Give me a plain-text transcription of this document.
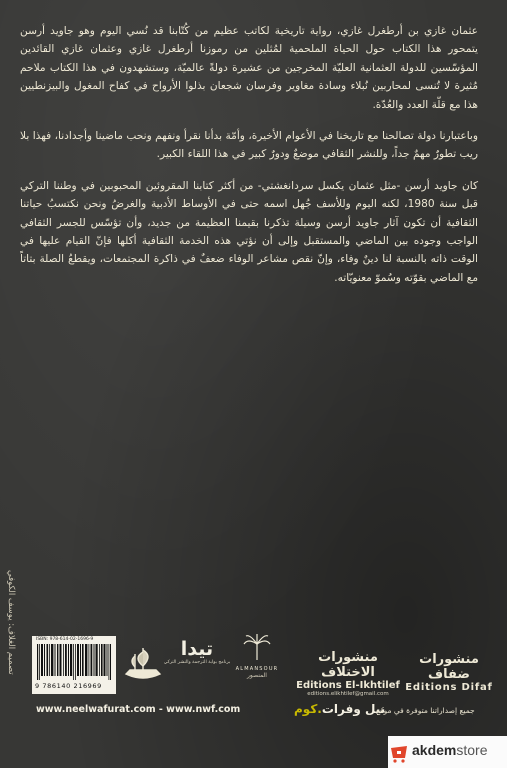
عثمان غازي بن أرطغرل غازي، رواية تاريخية لكاتب عظيم من كُتّابنا قد نُسي اليوم وهو جاويد أرسن يتمحور هذا الكتاب حول الحياة الملحمية لمُثلين من رموزنا أرطغرل غازي وعثمان غازي القائدين المؤسّسين للدولة العثمانية العليّة المخرجين من عشيرة دولةً عالميّة، وستشهدون في هذا الكتاب ملاحم مُثيرة لا تُنسى لمحاربين نُبلاء وسادة مغاوير وفرسان شجعان بذلوا الأرواح في كفاح المغول والبيزنطيين هذا مع قلّة العدد والعُدّة.

وباعتبارنا دولة تصالحنا مع تاريخنا في الأعوام الأخيرة، وأمّة بدأنا نقرأ ونفهم ونحب ماضينا وأجدادنا، فهذا بلا ريب تطورٌ مهمٌ جداً، وللنشر الثقافي موضعٌ ودورٌ كبير في هذا اللقاء الكبير.

كان جاويد أرسن -مثل عثمان يكسل سردانغشتي- من أكثر كتابنا المقروئين المحبوبين في وطننا التركي قبل سنة 1980، لكنه اليوم وللأسف جُهل اسمه حتى في الأوساط الأدبية والغرضُ ونحن نكتسبُ حياتنا الثقافية أن تكون آثار جاويد أرسن وسيلة تذكرنا بقيمنا العظيمة من جديد، وأن تؤسّس للجسر الثقافي الواجب وجوده بين الماضي والمستقبل وإلى أن نؤتي هذه الخدمة الثقافية أكلها فإنّ القيام عليها في الوقت ذاته بالنسبة لنا دينٌ وفاء، وإنّ نقص مشاعر الوفاء ضعفٌ في ذاكرة المجتمعات، ويقطعُ الصلة بتاتاً مع الماضي بقوّته وسُموّ معنويّاته.

تصميم الغلاف: يوسف الكوفي	ISBN: 978-614-02-1696-9
9 786140 216969
تيدا
برنامج بوابة الترجمة والنشر التركي
ALMANSOUR
المنصور
منشورات الاختلاف
Editions El-Ikhtilef
editions.elikhtilef@gmail.com
منشورات ضفاف
Editions Difaf
www.neelwafurat.com - www.nwf.com	نيل وفرات.كوم	جميع إصداراتنا متوفرة في موقع
akdemstore
